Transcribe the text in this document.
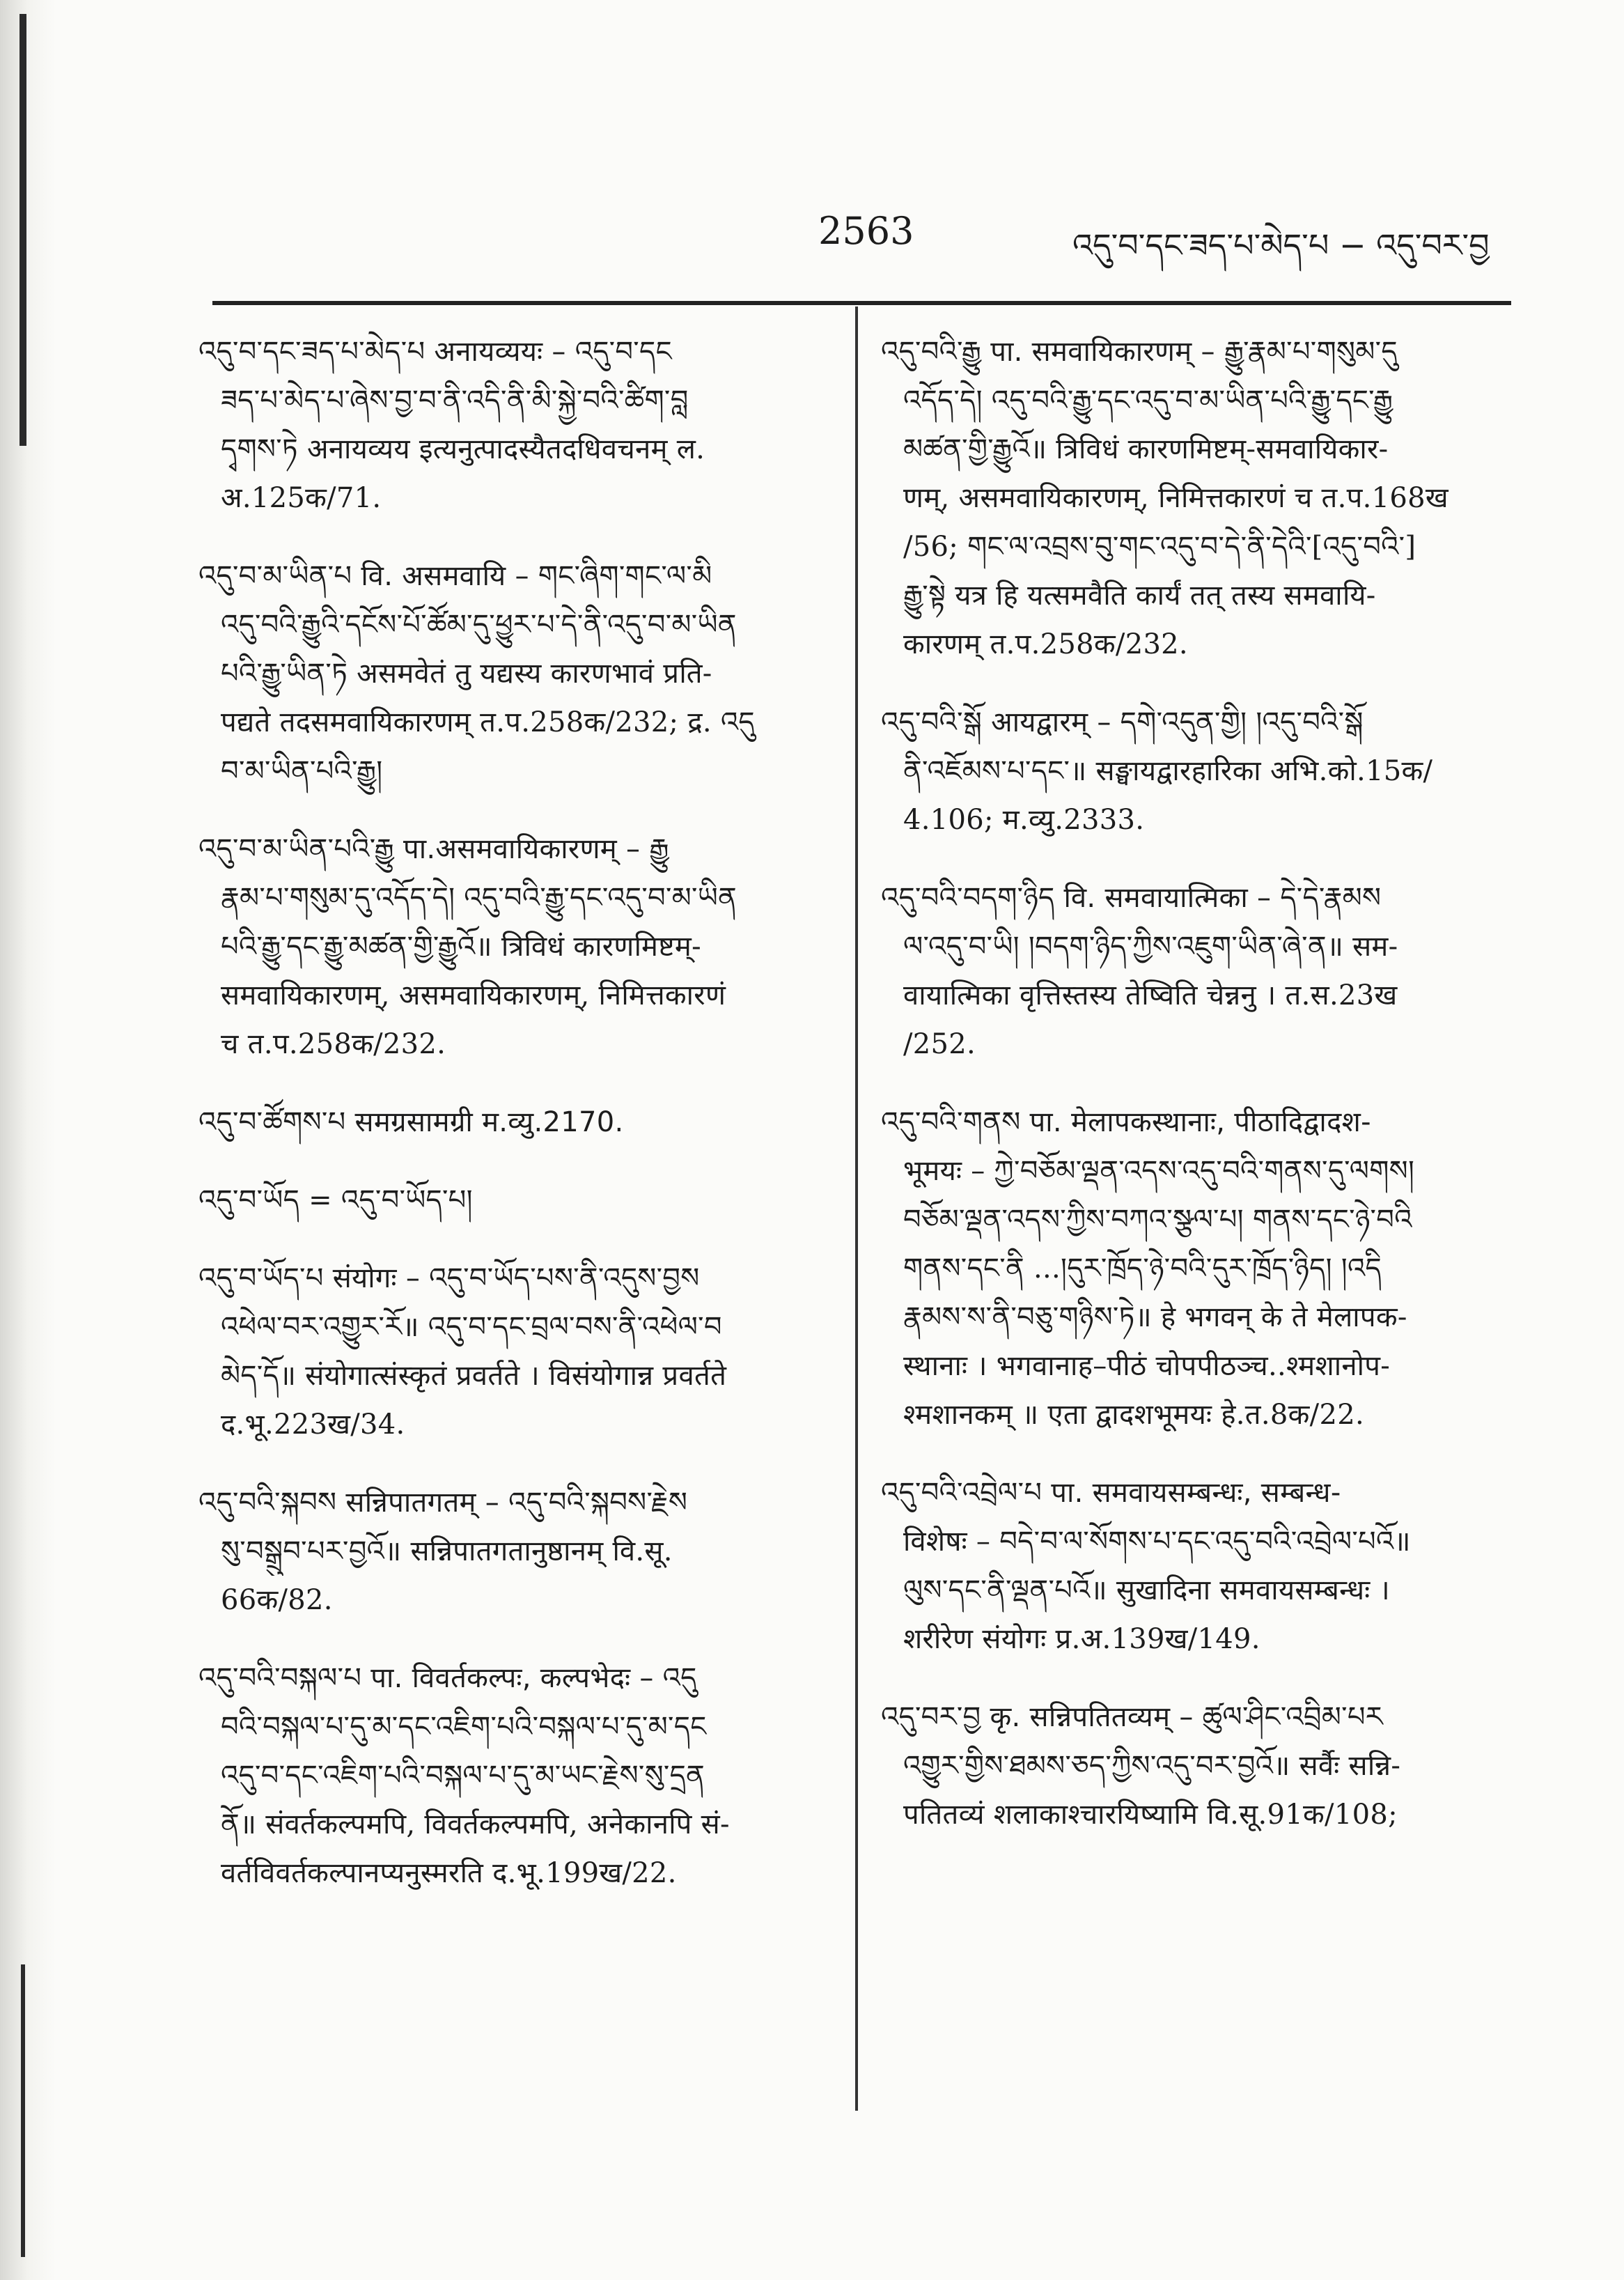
2563	འདུ་བ་དང་ཟད་པ་མེད་པ − འདུ་བར་བྱ
འདུ་བ་དང་ཟད་པ་མེད་པ अनायव्ययः – འདུ་བ་དང
ཟད་པ་མེད་པ་ཞེས་བྱ་བ་ནི་འདི་ནི་མི་སྐྱེ་བའི་ཚིག་བླ
དྭགས་ཏེ अनायव्यय इत्यनुत्पादस्यैतदधिवचनम् ल.
अ.125क/71.
འདུ་བ་མ་ཡིན་པ वि. असमवायि – གང་ཞིག་གང་ལ་མི
འདུ་བའི་རྒྱུའི་དངོས་པོ་ཚོམ་དུ་ཕྱུར་པ་དེ་ནི་འདུ་བ་མ་ཡིན
པའི་རྒྱུ་ཡིན་ཏེ असमवेतं तु यद्यस्य कारणभावं प्रति-
पद्यते तदसमवायिकारणम् त.प.258क/232; द्र. འདུ
བ་མ་ཡིན་པའི་རྒྱུ།
འདུ་བ་མ་ཡིན་པའི་རྒྱུ पा.असमवायिकारणम् – རྒྱུ
རྣམ་པ་གསུམ་དུ་འདོད་དེ། འདུ་བའི་རྒྱུ་དང་འདུ་བ་མ་ཡིན
པའི་རྒྱུ་དང་རྒྱུ་མཚན་གྱི་རྒྱུའོ॥ त्रिविधं कारणमिष्टम्-
समवायिकारणम्, असमवायिकारणम्, निमित्तकारणं
च त.प.258क/232.
འདུ་བ་ཚོགས་པ समग्रसामग्री म.व्यु.2170.
འདུ་བ་ཡོད = འདུ་བ་ཡོད་པ།
འདུ་བ་ཡོད་པ संयोगः – འདུ་བ་ཡོད་པས་ནི་འདུས་བྱས
འཕེལ་བར་འགྱུར་རོ॥ འདུ་བ་དང་བྲལ་བས་ནི་འཕེལ་བ
མེད་དོ॥ संयोगात्संस्कृतं प्रवर्तते । विसंयोगान्न प्रवर्तते
द.भू.223ख/34.
འདུ་བའི་སྐབས सन्निपातगतम् – འདུ་བའི་སྐབས་རྗེས
སུ་བསྒྲུབ་པར་བྱའོ॥ सन्निपातगतानुष्ठानम् वि.सू.
66क/82.
འདུ་བའི་བསྐལ་པ पा. विवर्तकल्पः, कल्पभेदः – འདུ
བའི་བསྐལ་པ་དུ་མ་དང་འཇིག་པའི་བསྐལ་པ་དུ་མ་དང
འདུ་བ་དང་འཇིག་པའི་བསྐལ་པ་དུ་མ་ཡང་རྗེས་སུ་དྲན
ནོ॥ संवर्तकल्पमपि, विवर्तकल्पमपि, अनेकानपि सं-
वर्तविवर्तकल्पानप्यनुस्मरति द.भू.199ख/22.
འདུ་བའི་རྒྱུ पा. समवायिकारणम् – རྒྱུ་རྣམ་པ་གསུམ་དུ
འདོད་དེ། འདུ་བའི་རྒྱུ་དང་འདུ་བ་མ་ཡིན་པའི་རྒྱུ་དང་རྒྱུ
མཚན་གྱི་རྒྱུའོ॥ त्रिविधं कारणमिष्टम्-समवायिकार-
णम्, असमवायिकारणम्, निमित्तकारणं च त.प.168ख
/56; གང་ལ་འབྲས་བུ་གང་འདུ་བ་དེ་ནི་དེའི་[འདུ་བའི་]
རྒྱུ་སྟེ यत्र हि यत्समवैति कार्यं तत् तस्य समवायि-
कारणम् त.प.258क/232.
འདུ་བའི་སྒོ आयद्वारम् – དགེ་འདུན་གྱི། །འདུ་བའི་སྒོ
ནི་འཇོམས་པ་དང་॥ सङ्घायद्वारहारिका अभि.को.15क/
4.106; म.व्यु.2333.
འདུ་བའི་བདག་ཉིད वि. समवायात्मिका – དེ་དེ་རྣམས
ལ་འདུ་བ་ཡི། །བདག་ཉིད་ཀྱིས་འཇུག་ཡིན་ཞེ་ན॥ सम-
वायात्मिका वृत्तिस्तस्य तेष्विति चेन्ननु । त.स.23ख
/252.
འདུ་བའི་གནས पा. मेलापकस्थानाः, पीठादिद्वादश-
भूमयः – ཀྱེ་བཅོམ་ལྡན་འདས་འདུ་བའི་གནས་དུ་ལགས།
བཅོམ་ལྡན་འདས་ཀྱིས་བཀའ་སྩལ་པ། གནས་དང་ཉེ་བའི
གནས་དང་ནི ...།དུར་ཁྲོད་ཉེ་བའི་དུར་ཁྲོད་ཉིད། །འདི
རྣམས་ས་ནི་བཅུ་གཉིས་ཏེ॥ हे भगवन् के ते मेलापक-
स्थानाः । भगवानाह–पीठं चोपपीठञ्च..श्मशानोप-
श्मशानकम् ॥ एता द्वादशभूमयः हे.त.8क/22.
འདུ་བའི་འབྲེལ་པ पा. समवायसम्बन्धः, सम्बन्ध-
विशेषः – བདེ་བ་ལ་སོགས་པ་དང་འདུ་བའི་འབྲེལ་པའོ॥
ལུས་དང་ནི་ལྡན་པའོ॥ सुखादिना समवायसम्बन्धः ।
शरीरेण संयोगः प्र.अ.139ख/149.
འདུ་བར་བྱ कृ. सन्निपतितव्यम् – ཚུལ་ཤིང་འབྲིམ་པར
འགྱུར་གྱིས་ཐམས་ཅད་ཀྱིས་འདུ་བར་བྱའོ॥ सर्वैः सन्नि-
पतितव्यं शलाकाश्चारयिष्यामि वि.सू.91क/108;
